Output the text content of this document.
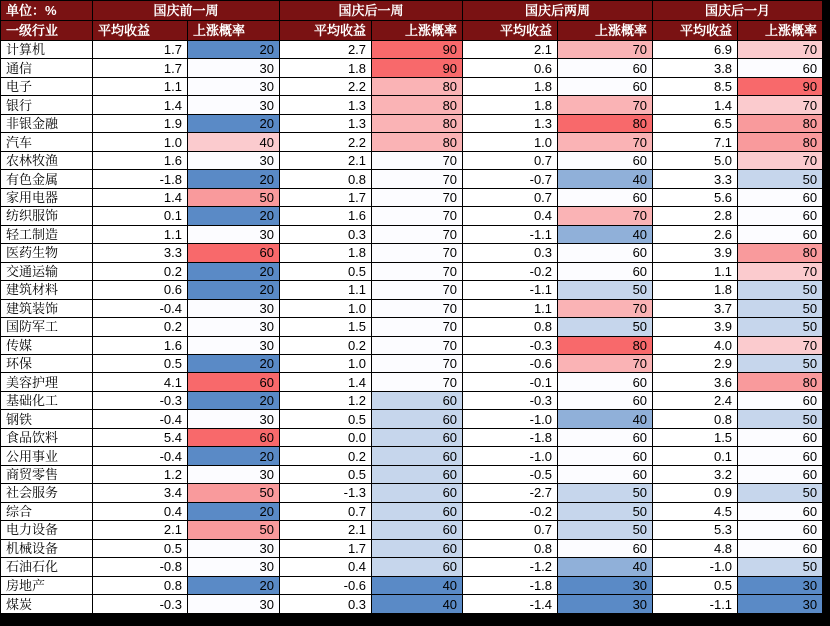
单位：%	国庆前一周		国庆后一周		国庆后两周		国庆后一月	
一级行业	平均收益	上涨概率	平均收益	上涨概率	平均收益	上涨概率	平均收益	上涨概率
计算机	1.7	20	2.7	90	2.1	70	6.9	70
通信	1.7	30	1.8	90	0.6	60	3.8	60
电子	1.1	30	2.2	80	1.8	60	8.5	90
银行	1.4	30	1.3	80	1.8	70	1.4	70
非银金融	1.9	20	1.3	80	1.3	80	6.5	80
汽车	1.0	40	2.2	80	1.0	70	7.1	80
农林牧渔	1.6	30	2.1	70	0.7	60	5.0	70
有色金属	-1.8	20	0.8	70	-0.7	40	3.3	50
家用电器	1.4	50	1.7	70	0.7	60	5.6	60
纺织服饰	0.1	20	1.6	70	0.4	70	2.8	60
轻工制造	1.1	30	0.3	70	-1.1	40	2.6	60
医药生物	3.3	60	1.8	70	0.3	60	3.9	80
交通运输	0.2	20	0.5	70	-0.2	60	1.1	70
建筑材料	0.6	20	1.1	70	-1.1	50	1.8	50
建筑装饰	-0.4	30	1.0	70	1.1	70	3.7	50
国防军工	0.2	30	1.5	70	0.8	50	3.9	50
传媒	1.6	30	0.2	70	-0.3	80	4.0	70
环保	0.5	20	1.0	70	-0.6	70	2.9	50
美容护理	4.1	60	1.4	70	-0.1	60	3.6	80
基础化工	-0.3	20	1.2	60	-0.3	60	2.4	60
钢铁	-0.4	30	0.5	60	-1.0	40	0.8	50
食品饮料	5.4	60	0.0	60	-1.8	60	1.5	60
公用事业	-0.4	20	0.2	60	-1.0	60	0.1	60
商贸零售	1.2	30	0.5	60	-0.5	60	3.2	60
社会服务	3.4	50	-1.3	60	-2.7	50	0.9	50
综合	0.4	20	0.7	60	-0.2	50	4.5	60
电力设备	2.1	50	2.1	60	0.7	50	5.3	60
机械设备	0.5	30	1.7	60	0.8	60	4.8	60
石油石化	-0.8	30	0.4	60	-1.2	40	-1.0	50
房地产	0.8	20	-0.6	40	-1.8	30	0.5	30
煤炭	-0.3	30	0.3	40	-1.4	30	-1.1	30
